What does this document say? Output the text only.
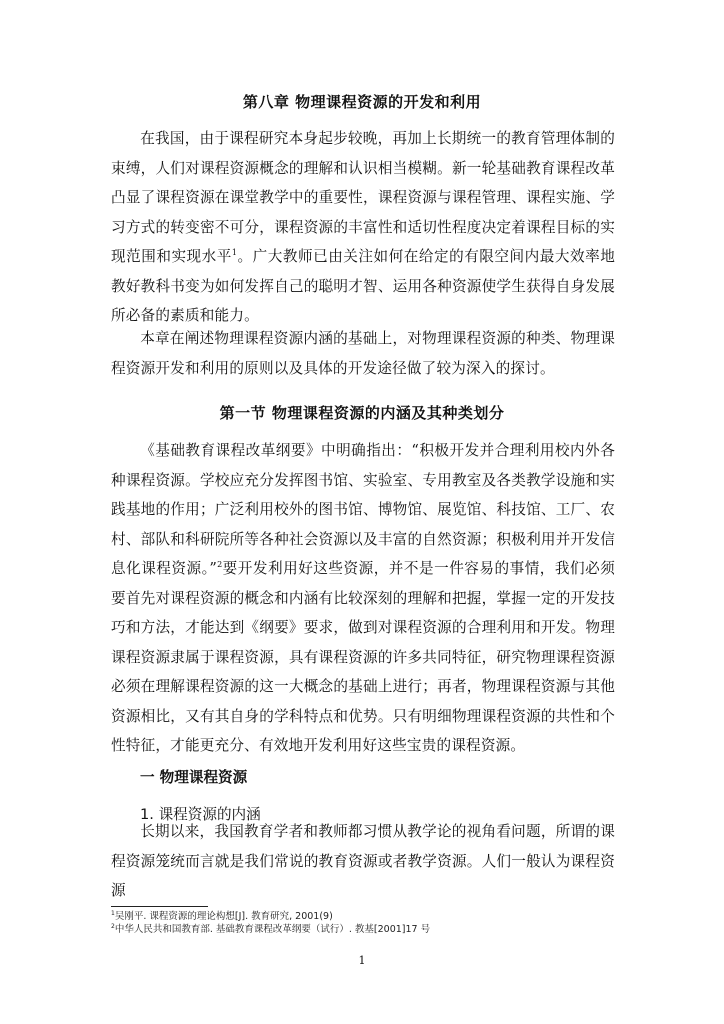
第八章 物理课程资源的开发和利用

在我国，由于课程研究本身起步较晚，再加上长期统一的教育管理体制的束缚，人们对课程资源概念的理解和认识相当模糊。新一轮基础教育课程改革凸显了课程资源在课堂教学中的重要性，课程资源与课程管理、课程实施、学习方式的转变密不可分，课程资源的丰富性和适切性程度决定着课程目标的实现范围和实现水平$^1$。广大教师已由关注如何在给定的有限空间内最大效率地教好教科书变为如何发挥自己的聪明才智、运用各种资源使学生获得自身发展所必备的素质和能力。

本章在阐述物理课程资源内涵的基础上，对物理课程资源的种类、物理课程资源开发和利用的原则以及具体的开发途径做了较为深入的探讨。

第一节 物理课程资源的内涵及其种类划分

《基础教育课程改革纲要》中明确指出：“积极开发并合理利用校内外各种课程资源。学校应充分发挥图书馆、实验室、专用教室及各类教学设施和实践基地的作用；广泛利用校外的图书馆、博物馆、展览馆、科技馆、工厂、农村、部队和科研院所等各种社会资源以及丰富的自然资源；积极利用并开发信息化课程资源。”$^2$要开发利用好这些资源，并不是一件容易的事情，我们必须要首先对课程资源的概念和内涵有比较深刻的理解和把握，掌握一定的开发技巧和方法，才能达到《纲要》要求，做到对课程资源的合理利用和开发。物理课程资源隶属于课程资源，具有课程资源的许多共同特征，研究物理课程资源必须在理解课程资源的这一大概念的基础上进行；再者，物理课程资源与其他资源相比，又有其自身的学科特点和优势。只有明细物理课程资源的共性和个性特征，才能更充分、有效地开发利用好这些宝贵的课程资源。

一 物理课程资源
1. 课程资源的内涵

长期以来，我国教育学者和教师都习惯从教学论的视角看问题，所谓的课程资源笼统而言就是我们常说的教育资源或者教学资源。人们一般认为课程资源

$^1$吴刚平. 课程资源的理论构想[J]. 教育研究, 2001(9)
$^2$中华人民共和国教育部. 基础教育课程改革纲要（试行）. 教基[2001]17 号
1
